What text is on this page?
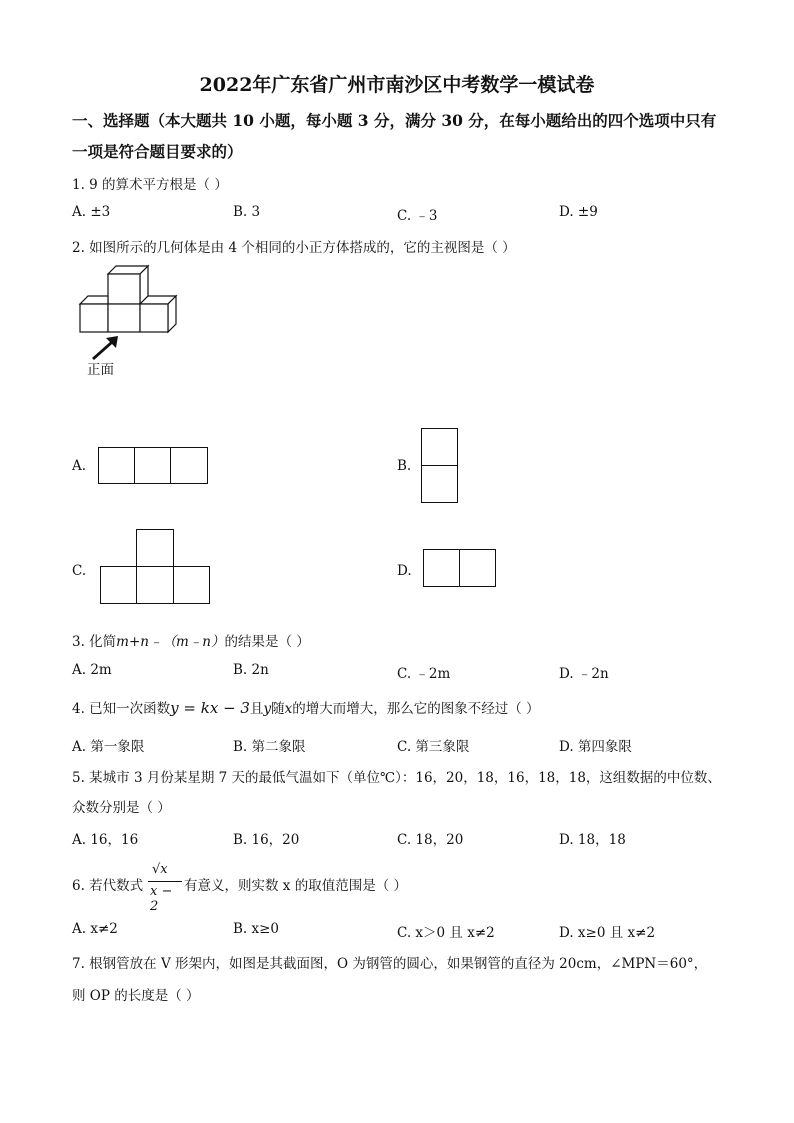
2022年广东省广州市南沙区中考数学一模试卷
一、选择题（本大题共 10 小题，每小题 3 分，满分 30 分，在每小题给出的四个选项中只有
一项是符合题目要求的）
1. 9 的算术平方根是（ ）
A. ±3	B. 3	C. ﹣3	D. ±9
2. 如图所示的几何体是由 4 个相同的小正方体搭成的，它的主视图是（ ）
正面
A.	B.
C.	D.
3. 化简m+n﹣（m﹣n）的结果是（ ）
A. 2m	B. 2n	C. ﹣2m	D. ﹣2n
4. 已知一次函数y = kx − 3且y随x的增大而增大，那么它的图象不经过（ ）
A. 第一象限	B. 第二象限	C. 第三象限	D. 第四象限
5. 某城市 3 月份某星期 7 天的最低气温如下（单位℃）：16，20，18，16，18，18，这组数据的中位数、
众数分别是（ ）
A. 16，16	B. 16，20	C. 18，20	D. 18，18
6. 若代数式
√x
x − 2
有意义，则实数 x 的取值范围是（ ）
A. x≠2	B. x≥0	C. x＞0 且 x≠2	D. x≥0 且 x≠2
7. 根钢管放在 V 形架内，如图是其截面图，O 为钢管的圆心，如果钢管的直径为 20cm，∠MPN＝60°，
则 OP 的长度是（ ）
